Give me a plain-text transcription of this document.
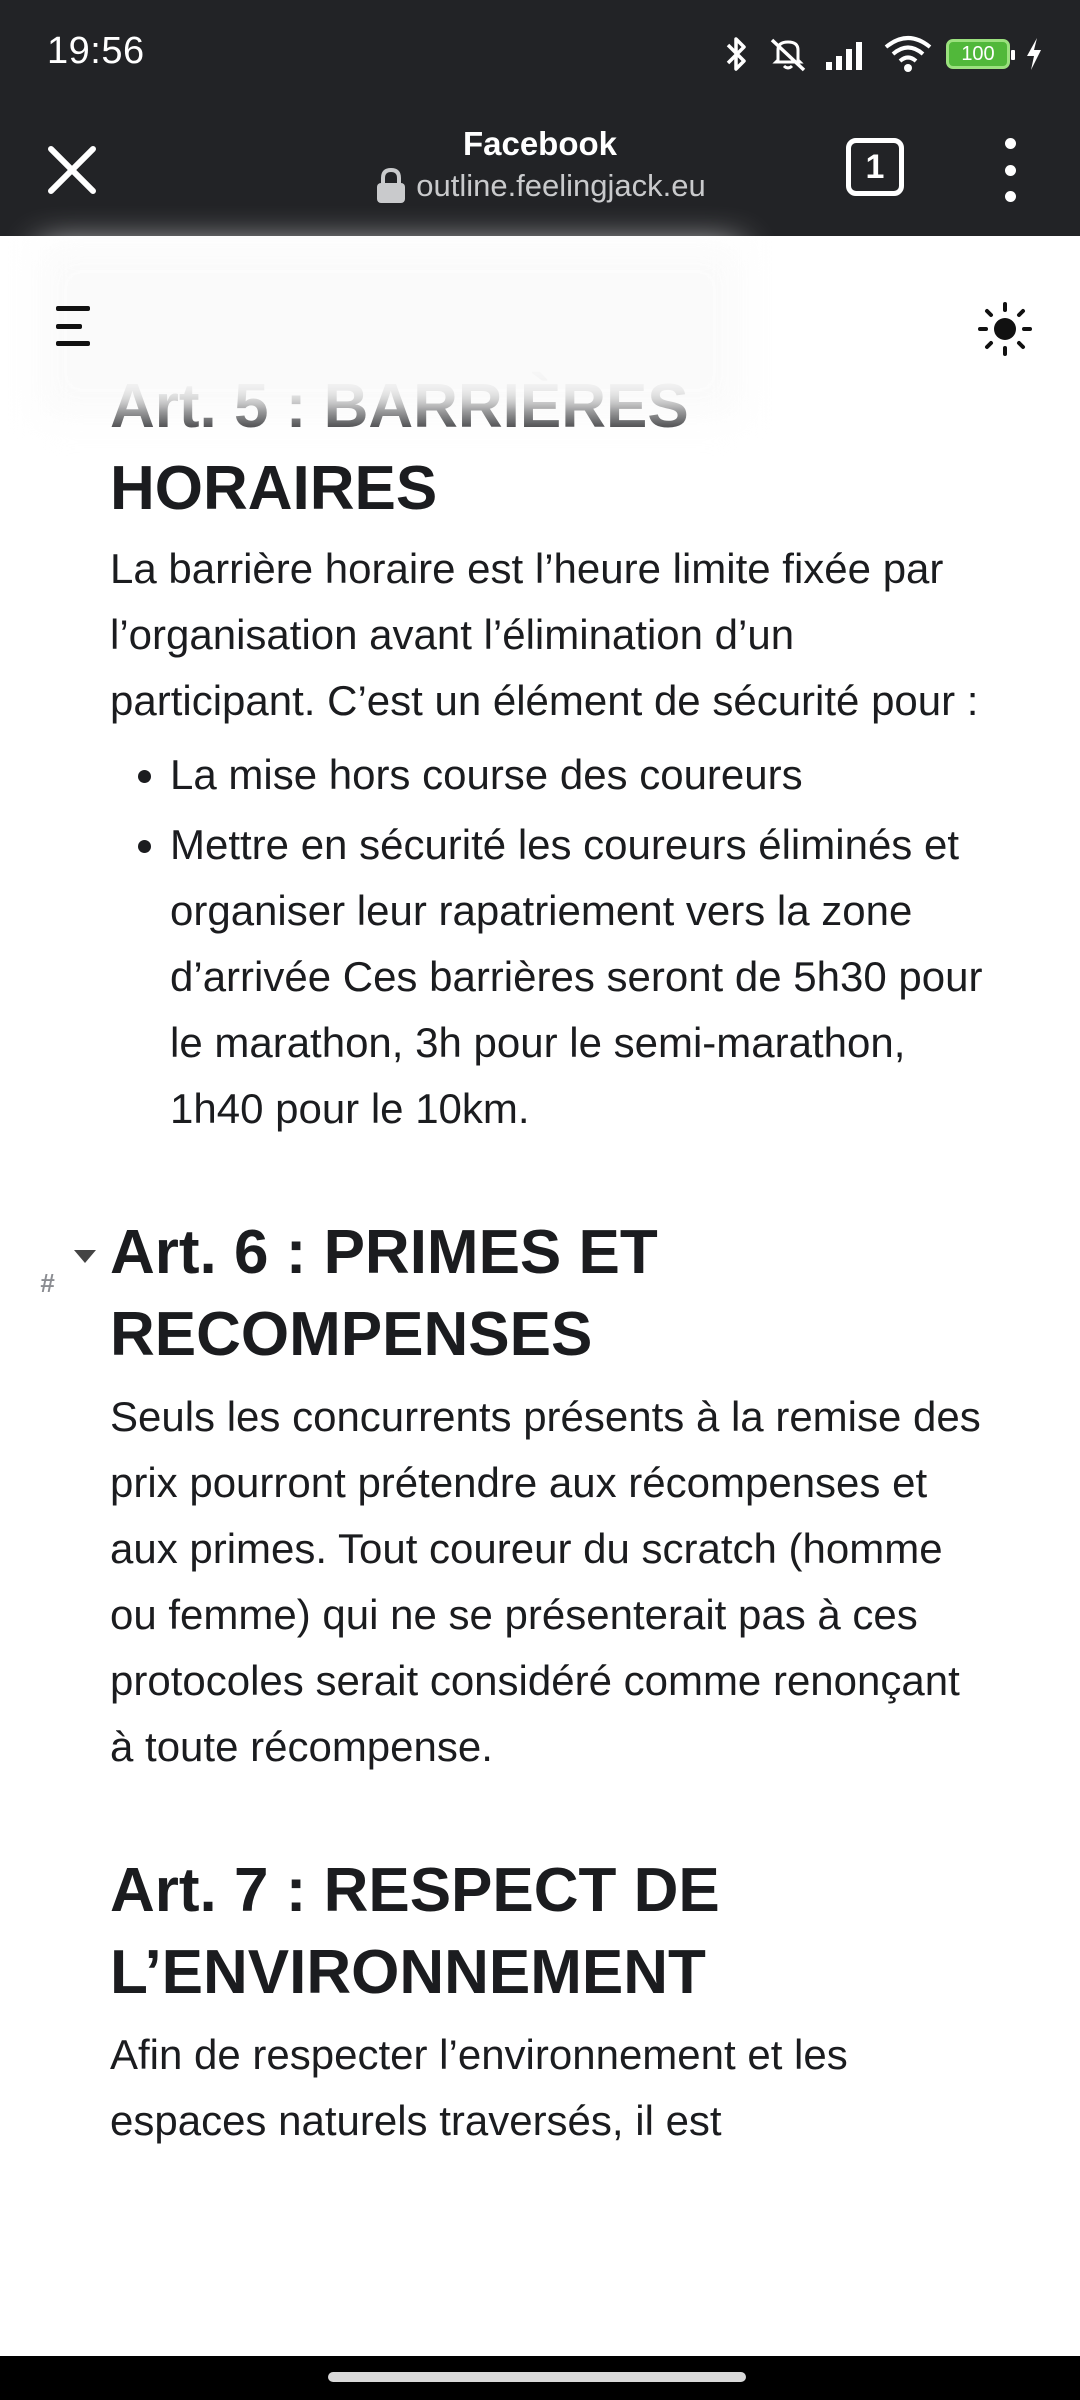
19:56	100
Facebook
outline.feelingjack.eu	1

HORAIRES

La barrière horaire est l’heure limite fixée par l’organisation avant l’élimination d’un participant. C’est un élément de sécurité pour :

• La mise hors course des coureurs
• Mettre en sécurité les coureurs éliminés et organiser leur rapatriement vers la zone d’arrivée Ces barrières seront de 5h30 pour le marathon, 3h pour le semi-marathon, 1h40 pour le 10km.
# Art. 6 : PRIMES ET RECOMPENSES

Seuls les concurrents présents à la remise des prix pourront prétendre aux récompenses et aux primes. Tout coureur du scratch (homme ou femme) qui ne se présenterait pas à ces protocoles serait considéré comme renonçant à toute récompense.

Art. 7 : RESPECT DE L’ENVIRONNEMENT

Afin de respecter l’environnement et les espaces naturels traversés, il est
